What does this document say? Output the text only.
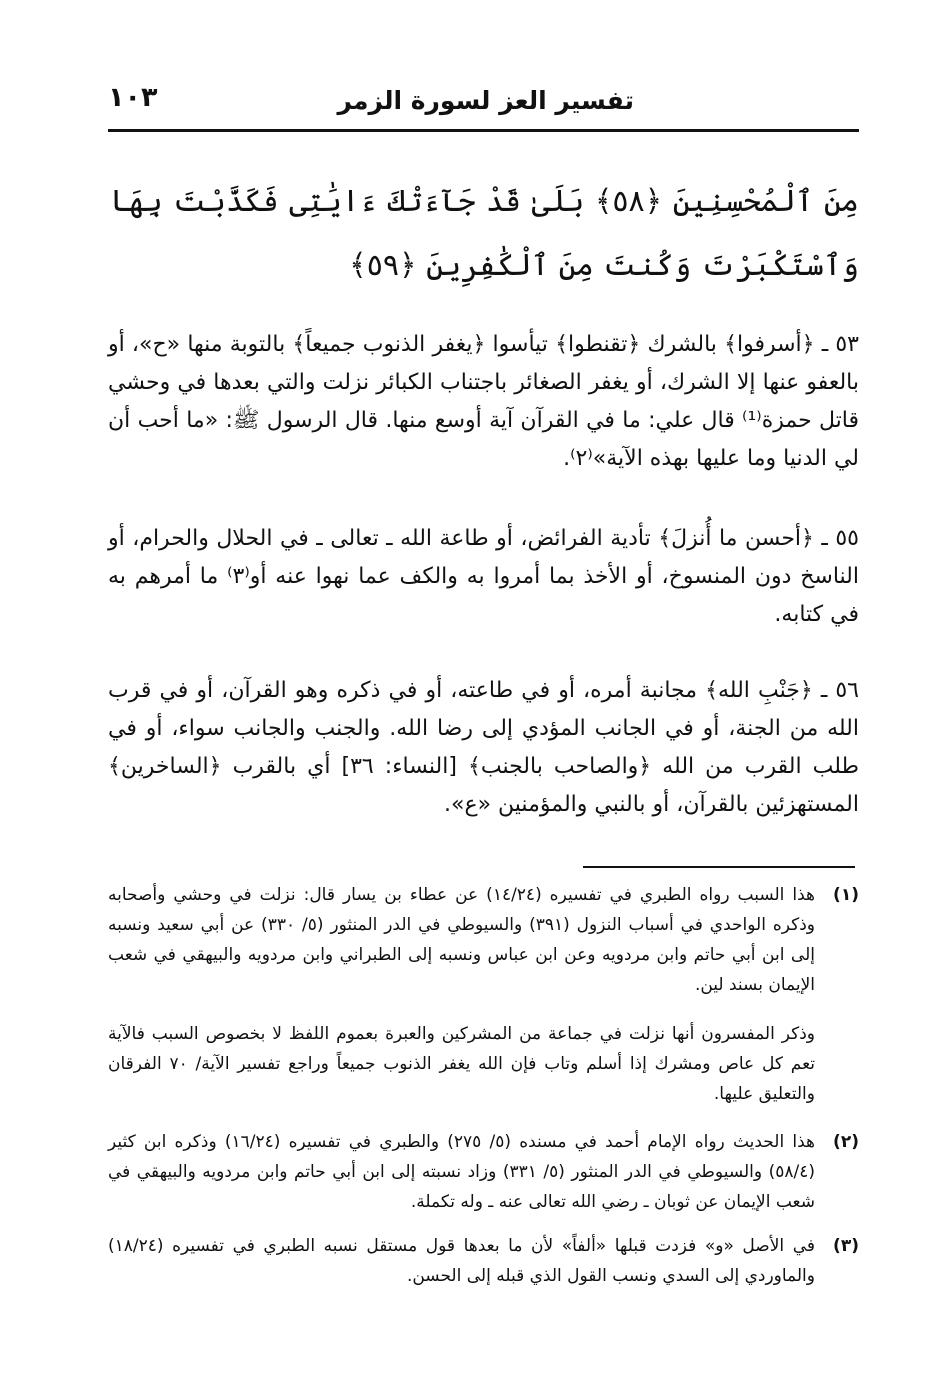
تفسير العز لسورة الزمر
١٠٣
مِنَ ٱلْمُحْسِنِينَ ﴿٥٨﴾ بَلَىٰ قَدْ جَآءَتْكَ ءَايَٰتِى فَكَذَّبْتَ بِهَا وَٱسْتَكْبَرْتَ وَكُنتَ مِنَ ٱلْكَٰفِرِينَ ﴿٥٩﴾
٥٣ ـ ﴿أسرفوا﴾ بالشرك ﴿تقنطوا﴾ تيأسوا ﴿يغفر الذنوب جميعاً﴾ بالتوبة منها «ح»، أو بالعفو عنها إلا الشرك، أو يغفر الصغائر باجتناب الكبائر نزلت والتي بعدها في وحشي قاتل حمزة⁽¹⁾ قال علي: ما في القرآن آية أوسع منها. قال الرسول ﷺ: «ما أحب أن لي الدنيا وما عليها بهذه الآية»⁽٢⁾.
٥٥ ـ ﴿أحسن ما أُنزلَ﴾ تأدية الفرائض، أو طاعة الله ـ تعالى ـ في الحلال والحرام، أو الناسخ دون المنسوخ، أو الأخذ بما أمروا به والكف عما نهوا عنه أو⁽٣⁾ ما أمرهم به في كتابه.
٥٦ ـ ﴿جَنْبِ الله﴾ مجانبة أمره، أو في طاعته، أو في ذكره وهو القرآن، أو في قرب الله من الجنة، أو في الجانب المؤدي إلى رضا الله. والجنب والجانب سواء، أو في طلب القرب من الله ﴿والصاحب بالجنب﴾ [النساء: ٣٦] أي بالقرب ﴿الساخرين﴾ المستهزئين بالقرآن، أو بالنبي والمؤمنين «ع».
(١)
هذا السبب رواه الطبري في تفسيره (١٤/٢٤) عن عطاء بن يسار قال: نزلت في وحشي وأصحابه وذكره الواحدي في أسباب النزول (٣٩١) والسيوطي في الدر المنثور (٥/ ٣٣٠) عن أبي سعيد ونسبه إلى ابن أبي حاتم وابن مردويه وعن ابن عباس ونسبه إلى الطبراني وابن مردويه والبيهقي في شعب الإيمان بسند لين.
وذكر المفسرون أنها نزلت في جماعة من المشركين والعبرة بعموم اللفظ لا بخصوص السبب فالآية تعم كل عاص ومشرك إذا أسلم وتاب فإن الله يغفر الذنوب جميعاً وراجع تفسير الآية/ ٧٠ الفرقان والتعليق عليها.
(٢)
هذا الحديث رواه الإمام أحمد في مسنده (٥/ ٢٧٥) والطبري في تفسيره (١٦/٢٤) وذكره ابن كثير (٥٨/٤) والسيوطي في الدر المنثور (٥/ ٣٣١) وزاد نسبته إلى ابن أبي حاتم وابن مردويه والبيهقي في شعب الإيمان عن ثوبان ـ رضي الله تعالى عنه ـ وله تكملة.
(٣)
في الأصل «و» فزدت قبلها «ألفاً» لأن ما بعدها قول مستقل نسبه الطبري في تفسيره (١٨/٢٤) والماوردي إلى السدي ونسب القول الذي قبله إلى الحسن.
